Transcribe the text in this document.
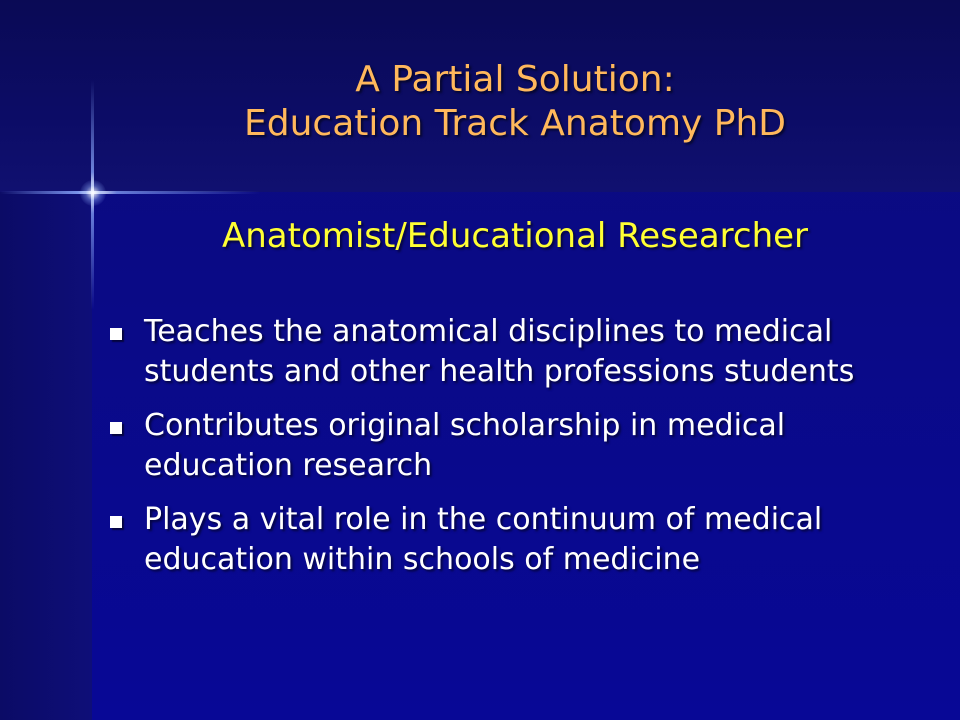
A Partial Solution:
Education Track Anatomy PhD
Anatomist/Educational Researcher
Teaches the anatomical disciplines to medical students and other health professions students
Contributes original scholarship in medical education research
Plays a vital role in the continuum of medical education within schools of medicine
